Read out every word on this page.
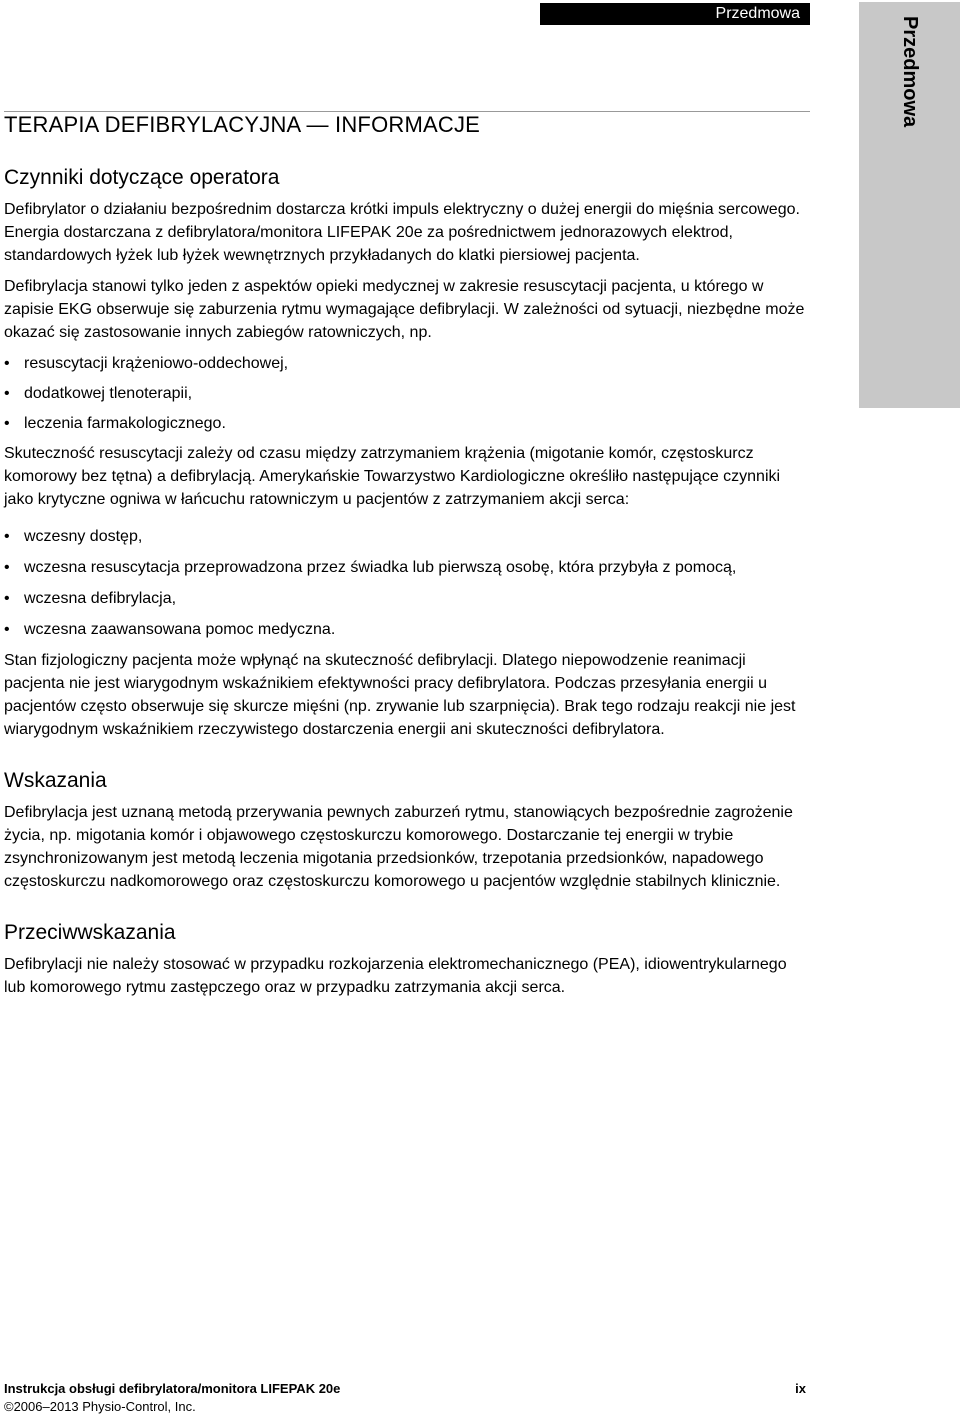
Przedmowa
Przedmowa
TERAPIA DEFIBRYLACYJNA — INFORMACJE
Czynniki dotyczące operatora

Defibrylator o działaniu bezpośrednim dostarcza krótki impuls elektryczny o dużej energii do mięśnia sercowego. Energia dostarczana z defibrylatora/monitora LIFEPAK 20e za pośrednictwem jednorazowych elektrod, standardowych łyżek lub łyżek wewnętrznych przykładanych do klatki piersiowej pacjenta.

Defibrylacja stanowi tylko jeden z aspektów opieki medycznej w zakresie resuscytacji pacjenta, u którego w zapisie EKG obserwuje się zaburzenia rytmu wymagające defibrylacji. W zależności od sytuacji, niezbędne może okazać się zastosowanie innych zabiegów ratowniczych, np.

• resuscytacji krążeniowo-oddechowej,
• dodatkowej tlenoterapii,
• leczenia farmakologicznego.

Skuteczność resuscytacji zależy od czasu między zatrzymaniem krążenia (migotanie komór, częstoskurcz komorowy bez tętna) a defibrylacją. Amerykańskie Towarzystwo Kardiologiczne określiło następujące czynniki jako krytyczne ogniwa w łańcuchu ratowniczym u pacjentów z zatrzymaniem akcji serca:

• wczesny dostęp,
• wczesna resuscytacja przeprowadzona przez świadka lub pierwszą osobę, która przybyła z pomocą,
• wczesna defibrylacja,
• wczesna zaawansowana pomoc medyczna.

Stan fizjologiczny pacjenta może wpłynąć na skuteczność defibrylacji. Dlatego niepowodzenie reanimacji pacjenta nie jest wiarygodnym wskaźnikiem efektywności pracy defibrylatora. Podczas przesyłania energii u pacjentów często obserwuje się skurcze mięśni (np. zrywanie lub szarpnięcia). Brak tego rodzaju reakcji nie jest wiarygodnym wskaźnikiem rzeczywistego dostarczenia energii ani skuteczności defibrylatora.

Wskazania

Defibrylacja jest uznaną metodą przerywania pewnych zaburzeń rytmu, stanowiących bezpośrednie zagrożenie życia, np. migotania komór i objawowego częstoskurczu komorowego. Dostarczanie tej energii w trybie zsynchronizowanym jest metodą leczenia migotania przedsionków, trzepotania przedsionków, napadowego częstoskurczu nadkomorowego oraz częstoskurczu komorowego u pacjentów względnie stabilnych klinicznie.

Przeciwwskazania

Defibrylacji nie należy stosować w przypadku rozkojarzenia elektromechanicznego (PEA), idiowentrykularnego lub komorowego rytmu zastępczego oraz w przypadku zatrzymania akcji serca.

Instrukcja obsługi defibrylatora/monitora LIFEPAK 20e
©2006–2013 Physio-Control, Inc.
ix
